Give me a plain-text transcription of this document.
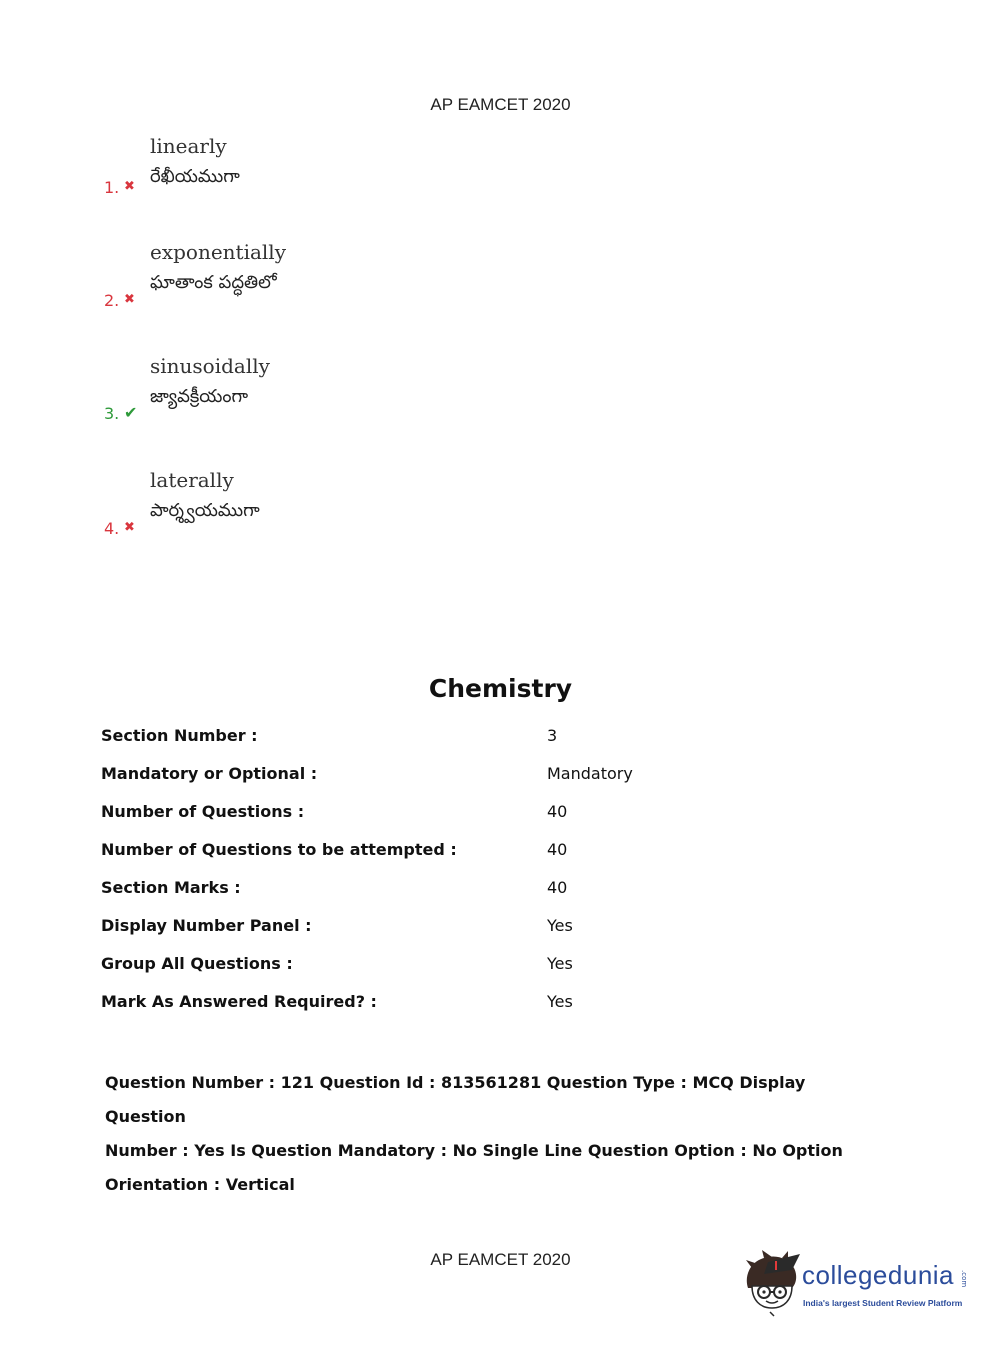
AP EAMCET 2020
linearly
రేఖీయముగా
1. ✖
exponentially
ఘాతాంక పద్ధతిలో
2. ✖
sinusoidally
జ్యావక్రీయంగా
3. ✔
laterally
పార్శ్వయముగా
4. ✖
Chemistry
Section Number :	3
Mandatory or Optional :	Mandatory
Number of Questions :	40
Number of Questions to be attempted :	40
Section Marks :	40
Display Number Panel :	Yes
Group All Questions :	Yes
Mark As Answered Required? :	Yes
Question Number : 121 Question Id : 813561281 Question Type : MCQ Display Question
Number : Yes Is Question Mandatory : No Single Line Question Option : No Option
Orientation : Vertical
AP EAMCET 2020
collegedunia .com
India's largest Student Review Platform
